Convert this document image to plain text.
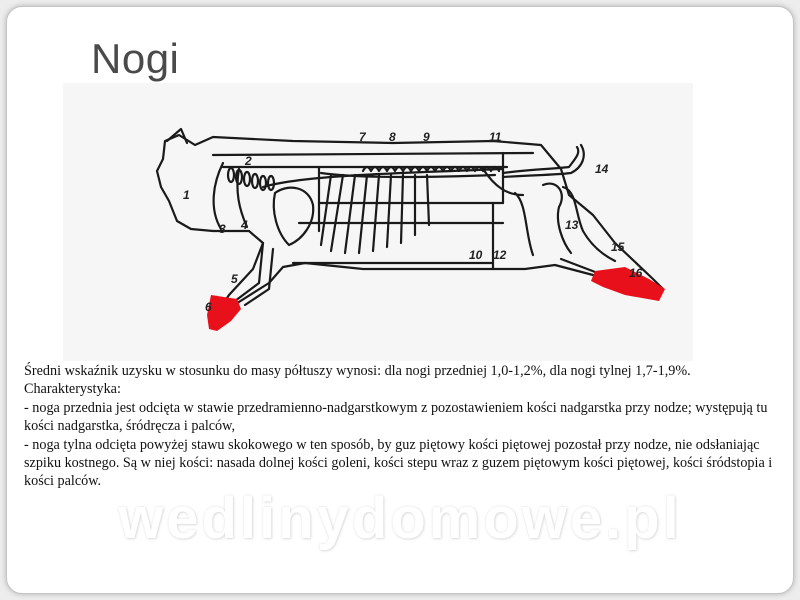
Nogi
1
2
3 4
5
6
7 8 9
10
11
12
13
14
15
16
Średni wskaźnik uzysku w stosunku do masy półtuszy wynosi: dla nogi przedniej 1,0-1,2%, dla nogi tylnej 1,7-1,9%. Charakterystyka:
- noga przednia jest odcięta w stawie przedramienno-nadgarstkowym z pozostawieniem kości nadgarstka przy nodze; występują tu kości nadgarstka, śródręcza i palców,
- noga tylna odcięta powyżej stawu skokowego w ten sposób, by guz piętowy kości piętowej pozostał przy nodze, nie odsłaniając szpiku kostnego. Są w niej kości: nasada dolnej kości goleni, kości stepu wraz z guzem piętowym kości piętowej, kości śródstopia i kości palców.
wedlinydomowe.pl
